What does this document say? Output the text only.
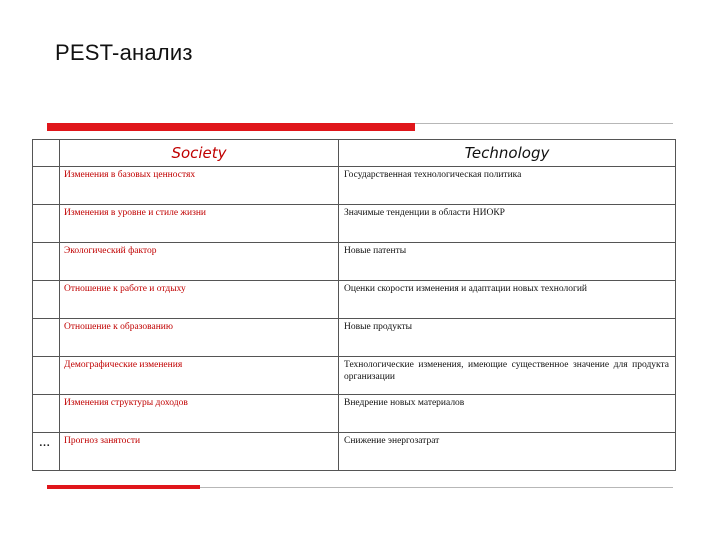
PEST-анализ
	Society	Technology

	Изменения в базовых ценностях	Государственная технологическая политика

	Изменения в уровне и стиле жизни	Значимые тенденции в области НИОКР

	Экологический фактор	Новые патенты

	Отношение к работе и отдыху	Оценки скорости изменения и адаптации новых технологий

	Отношение к образованию	Новые продукты

	Демографические изменения	Технологические изменения, имеющие существенное значение для продукта организации

	Изменения структуры доходов	Внедрение новых материалов

…	Прогноз занятости	Снижение энергозатрат
